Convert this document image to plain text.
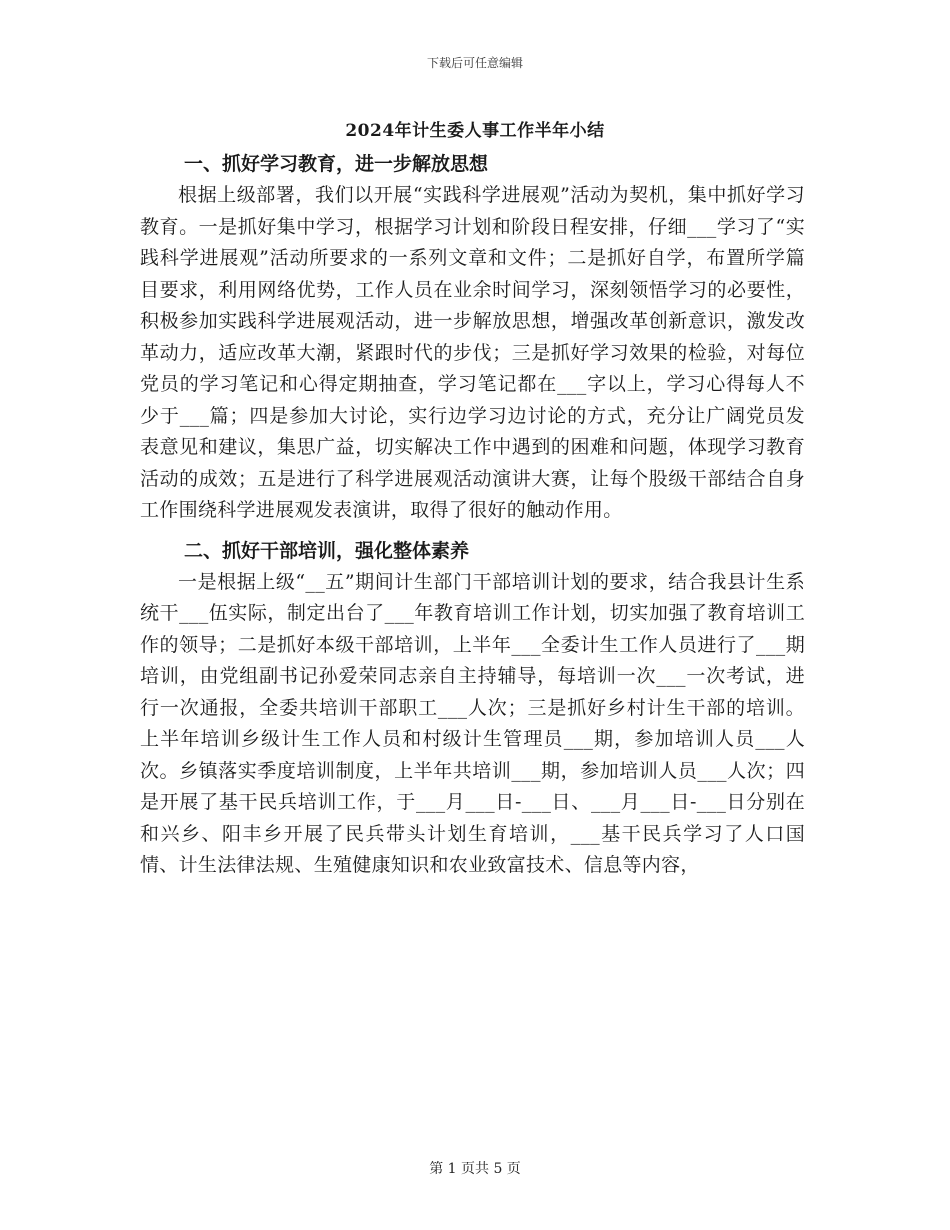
下载后可任意编辑
2024年计生委人事工作半年小结
一、抓好学习教育，进一步解放思想

根据上级部署，我们以开展“实践科学进展观”活动为契机，集中抓好学习教育。一是抓好集中学习，根据学习计划和阶段日程安排，仔细___学习了“实践科学进展观”活动所要求的一系列文章和文件；二是抓好自学，布置所学篇目要求，利用网络优势，工作人员在业余时间学习，深刻领悟学习的必要性，积极参加实践科学进展观活动，进一步解放思想，增强改革创新意识，激发改革动力，适应改革大潮，紧跟时代的步伐；三是抓好学习效果的检验，对每位党员的学习笔记和心得定期抽查，学习笔记都在___字以上，学习心得每人不少于___篇；四是参加大讨论，实行边学习边讨论的方式，充分让广阔党员发表意见和建议，集思广益，切实解决工作中遇到的困难和问题，体现学习教育活动的成效；五是进行了科学进展观活动演讲大赛，让每个股级干部结合自身工作围绕科学进展观发表演讲，取得了很好的触动作用。

二、抓好干部培训，强化整体素养

一是根据上级“__五”期间计生部门干部培训计划的要求，结合我县计生系统干___伍实际，制定出台了___年教育培训工作计划，切实加强了教育培训工作的领导；二是抓好本级干部培训，上半年___全委计生工作人员进行了___期培训，由党组副书记孙爱荣同志亲自主持辅导，每培训一次___一次考试，进行一次通报，全委共培训干部职工___人次；三是抓好乡村计生干部的培训。上半年培训乡级计生工作人员和村级计生管理员___期，参加培训人员___人次。乡镇落实季度培训制度，上半年共培训___期，参加培训人员___人次；四是开展了基干民兵培训工作，于___月___日-___日、___月___日-___日分别在和兴乡、阳丰乡开展了民兵带头计划生育培训，___基干民兵学习了人口国情、计生法律法规、生殖健康知识和农业致富技术、信息等内容，

第 1 页共 5 页
